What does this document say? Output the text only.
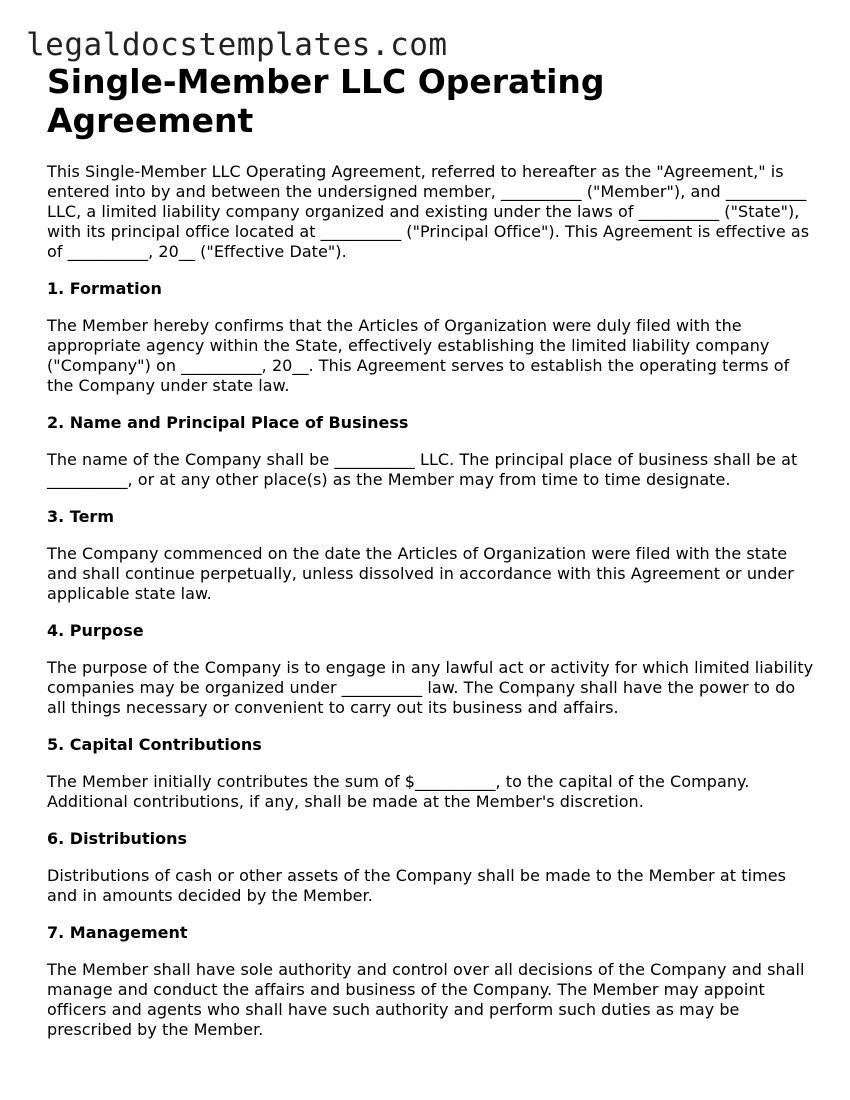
legaldocstemplates.com
Single-Member LLC Operating Agreement

This Single-Member LLC Operating Agreement, referred to hereafter as the "Agreement," is entered into by and between the undersigned member, __________ ("Member"), and __________ LLC, a limited liability company organized and existing under the laws of __________ ("State"), with its principal office located at __________ ("Principal Office"). This Agreement is effective as of __________, 20__ ("Effective Date").

1. Formation

The Member hereby confirms that the Articles of Organization were duly filed with the appropriate agency within the State, effectively establishing the limited liability company ("Company") on __________, 20__. This Agreement serves to establish the operating terms of the Company under state law.

2. Name and Principal Place of Business

The name of the Company shall be __________ LLC. The principal place of business shall be at __________, or at any other place(s) as the Member may from time to time designate.

3. Term

The Company commenced on the date the Articles of Organization were filed with the state and shall continue perpetually, unless dissolved in accordance with this Agreement or under applicable state law.

4. Purpose

The purpose of the Company is to engage in any lawful act or activity for which limited liability companies may be organized under __________ law. The Company shall have the power to do all things necessary or convenient to carry out its business and affairs.

5. Capital Contributions

The Member initially contributes the sum of $__________, to the capital of the Company. Additional contributions, if any, shall be made at the Member's discretion.

6. Distributions

Distributions of cash or other assets of the Company shall be made to the Member at times and in amounts decided by the Member.

7. Management

The Member shall have sole authority and control over all decisions of the Company and shall manage and conduct the affairs and business of the Company. The Member may appoint officers and agents who shall have such authority and perform such duties as may be prescribed by the Member.
